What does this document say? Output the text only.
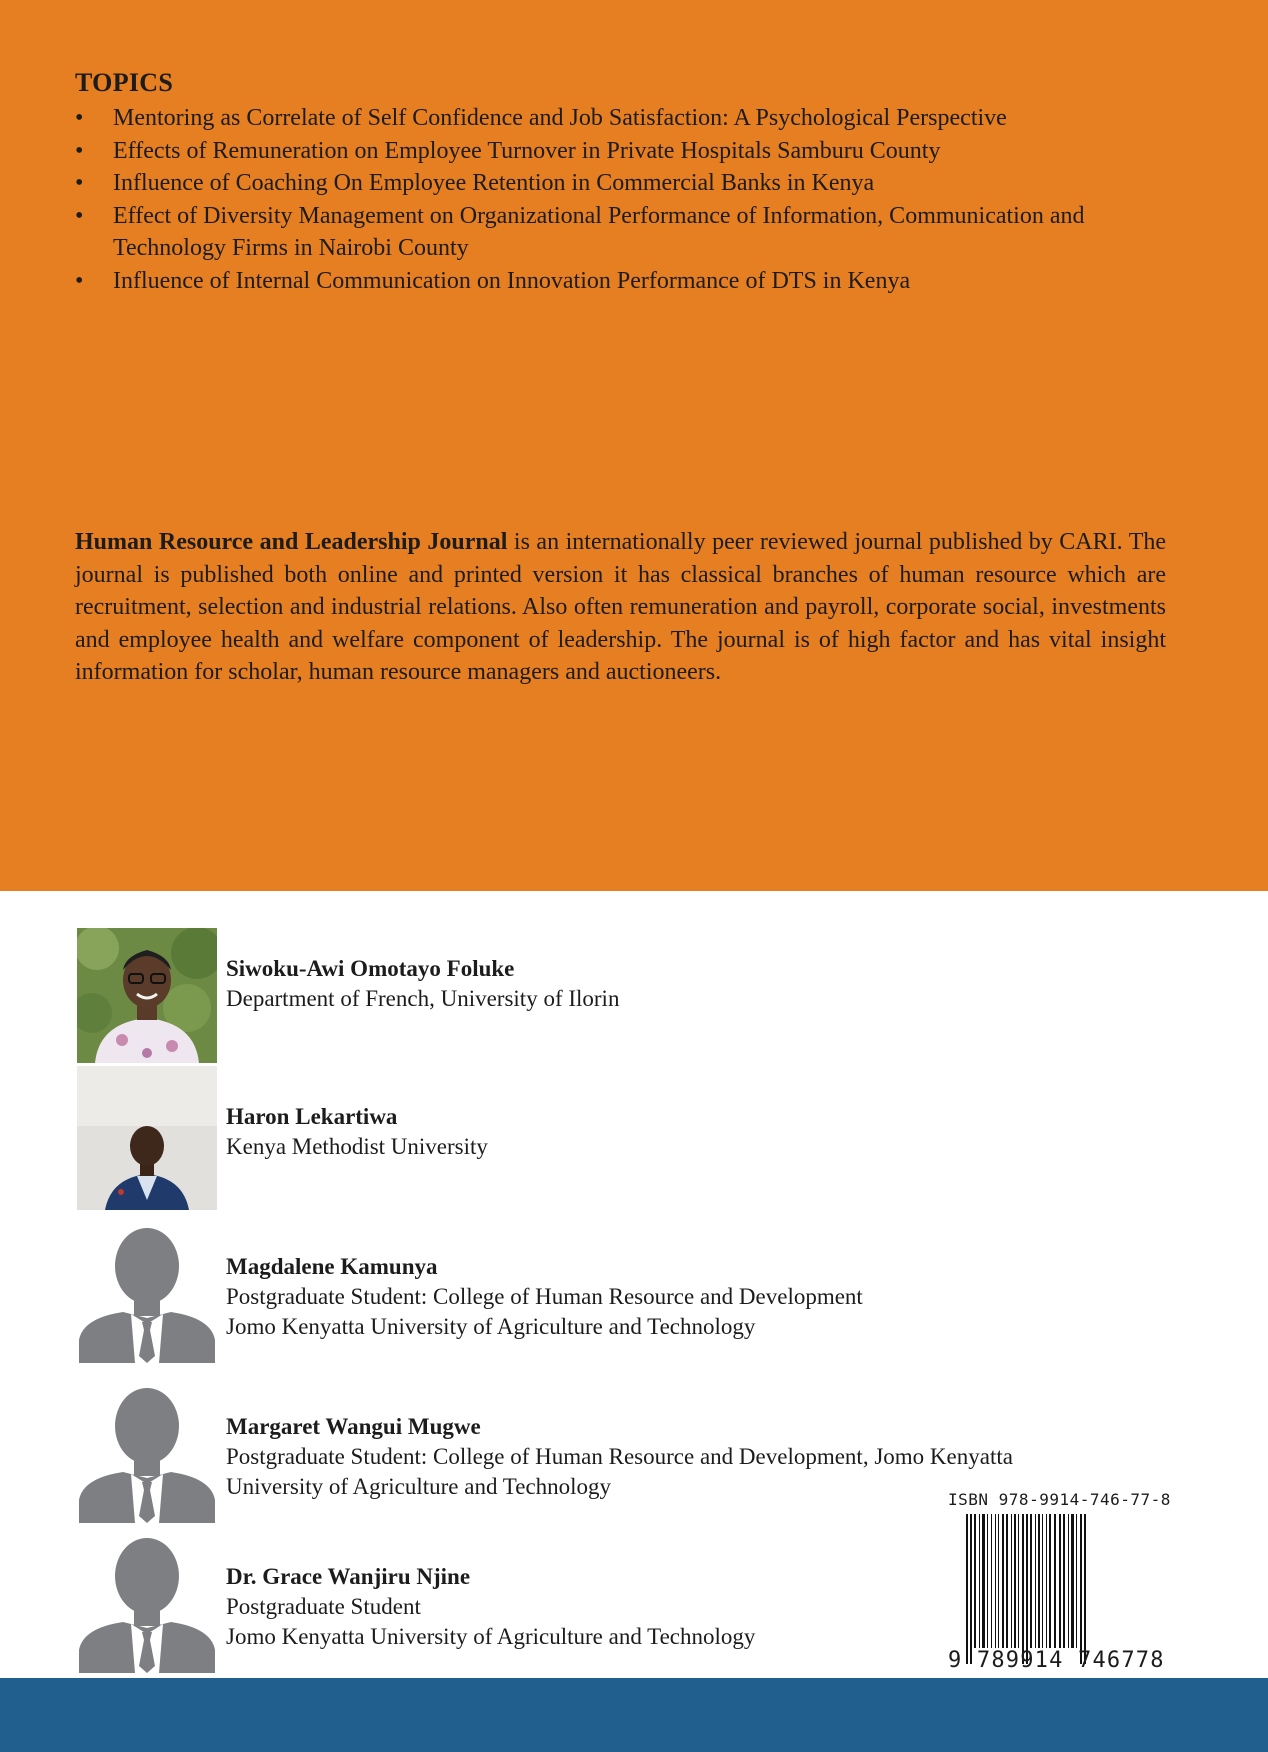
TOPICS
• Mentoring as Correlate of Self Confidence and Job Satisfaction: A Psychological Perspective
• Effects of Remuneration on Employee Turnover in Private Hospitals Samburu County
• Influence of Coaching On Employee Retention in Commercial Banks in Kenya
• Effect of Diversity Management on Organizational Performance of Information, Communication and Technology Firms in Nairobi County
• Influence of Internal Communication on Innovation Performance of DTS in Kenya

Human Resource and Leadership Journal is an internationally peer reviewed journal published by CARI. The journal is published both online and printed version it has classical branches of human resource which are recruitment, selection and industrial relations. Also often remuneration and payroll, corporate social, investments and employee health and welfare component of leadership. The journal is of high factor and has vital insight information for scholar, human resource managers and auctioneers.

Siwoku-Awi Omotayo Foluke
Department of French, University of Ilorin
Haron Lekartiwa
Kenya Methodist University
Magdalene Kamunya
Postgraduate Student: College of Human Resource and Development
Jomo Kenyatta University of Agriculture and Technology
Margaret Wangui Mugwe
Postgraduate Student: College of Human Resource and Development, Jomo Kenyatta
University of Agriculture and Technology
Dr. Grace Wanjiru Njine
Postgraduate Student
Jomo Kenyatta University of Agriculture and Technology
ISBN 978-9914-746-77-8
9 789914 746778
